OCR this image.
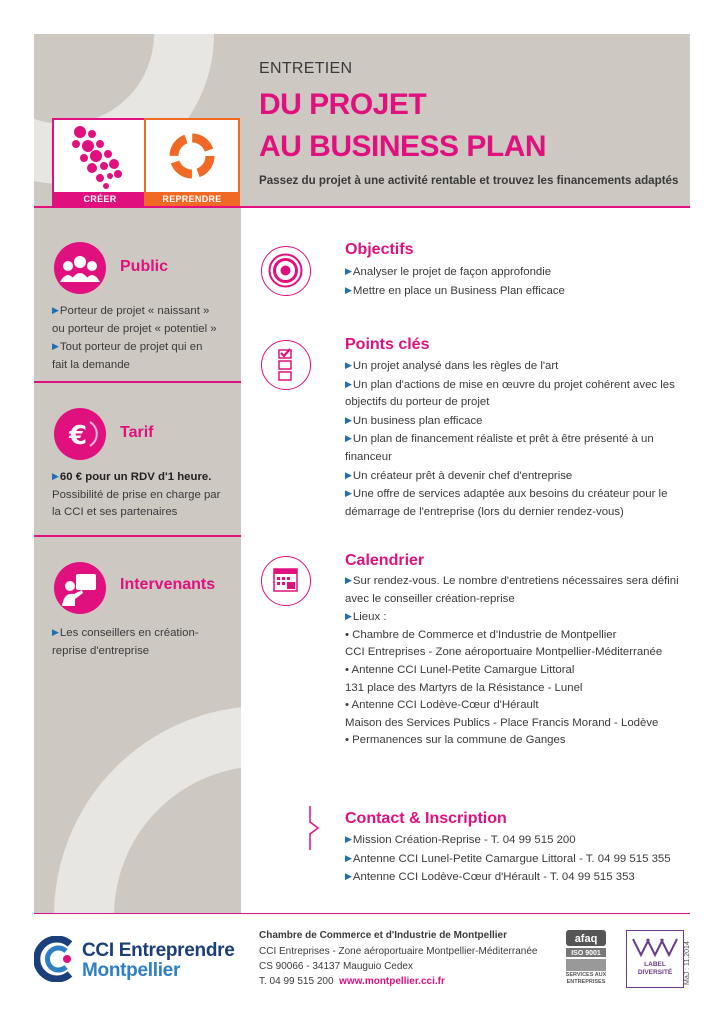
CRÉER	REPRENDRE
ENTRETIEN
DU PROJET
AU BUSINESS PLAN
Passez du projet à une activité rentable et trouvez les financements adaptés
Public
▶Porteur de projet « naissant »
ou porteur de projet « potentiel »
▶Tout porteur de projet qui en
fait la demande
€ Tarif
▶60 € pour un RDV d'1 heure.
Possibilité de prise en charge par
la CCI et ses partenaires
Intervenants
▶Les conseillers en création-
reprise d'entreprise
Objectifs
▶Analyser le projet de façon approfondie
▶Mettre en place un Business Plan efficace
Points clés
▶Un projet analysé dans les règles de l'art
▶Un plan d'actions de mise en œuvre du projet cohérent avec les
objectifs du porteur de projet
▶Un business plan efficace
▶Un plan de financement réaliste et prêt à être présenté à un
financeur
▶Un créateur prêt à devenir chef d'entreprise
▶Une offre de services adaptée aux besoins du créateur pour le
démarrage de l'entreprise (lors du dernier rendez-vous)
Calendrier
▶Sur rendez-vous. Le nombre d'entretiens nécessaires sera défini
avec le conseiller création-reprise
▶Lieux :
• Chambre de Commerce et d'Industrie de Montpellier
CCI Entreprises - Zone aéroportuaire Montpellier-Méditerranée
• Antenne CCI Lunel-Petite Camargue Littoral
131 place des Martyrs de la Résistance - Lunel
• Antenne CCI Lodève-Cœur d'Hérault
Maison des Services Publics - Place Francis Morand - Lodève
• Permanences sur la commune de Ganges
Contact & Inscription
▶Mission Création-Reprise - T. 04 99 515 200
▶Antenne CCI Lunel-Petite Camargue Littoral - T. 04 99 515 355
▶Antenne CCI Lodève-Cœur d'Hérault - T. 04 99 515 353
CCI Entreprendre
Montpellier
Chambre de Commerce et d'Industrie de Montpellier
CCI Entreprises - Zone aéroportuaire Montpellier-Méditerranée
CS 90066 - 34137 Mauguio Cedex
T. 04 99 515 200 www.montpellier.cci.fr
afaq
ISO 9001
SERVICES AUX ENTREPRISES
LABEL
DIVERSITÉ	MàJ : 11.2014
